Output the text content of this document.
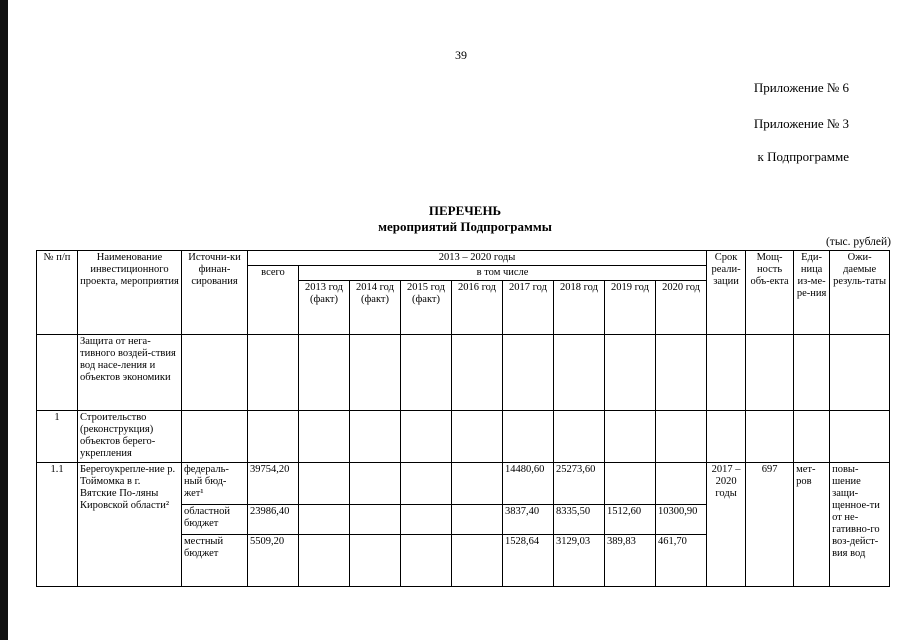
39
Приложение № 6
Приложение № 3
к Подпрограмме
ПЕРЕЧЕНЬ
мероприятий Подпрограммы
(тыс. рублей)
№ п/п	Наименование инвестиционного проекта, мероприятия	Источни-ки финан-сирования	2013 – 2020 годы									Срок реали-зации	Мощ-ность объ-екта	Еди-ница из-ме-ре-ния	Ожи-даемые резуль-таты
			всего	в том числе											
				2013 год (факт)	2014 год (факт)	2015 год (факт)	2016 год	2017 год	2018 год	2019 год	2020 год				
	Защита от нега-тивного воздей-ствия вод насе-ления и объектов экономики														
1	Строительство (реконструкция) объектов берего-укрепления														
1.1	Берегоукрепле-ние р. Тоймомка в г. Вятские По-ляны Кировской области²	федераль-ный бюд-жет¹	39754,20					14480,60	25273,60			2017 – 2020 годы	697	мет-ров	повы-шение защи-щенное-ти от не-гативно-го воз-дейст-вия вод
		областной бюджет	23986,40					3837,40	8335,50	1512,60	10300,90				
		местный бюджет	5509,20					1528,64	3129,03	389,83	461,70				
